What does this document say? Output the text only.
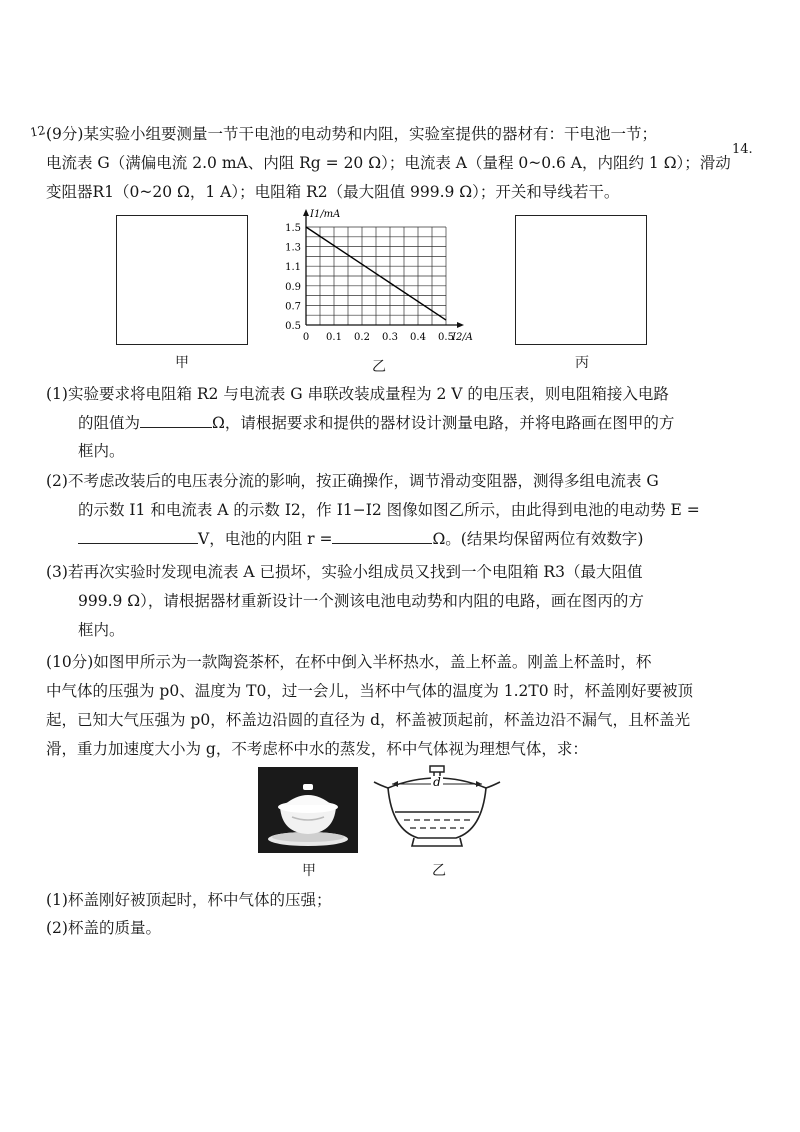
14.
12.
(9分)某实验小组要测量一节干电池的电动势和内阻，实验室提供的器材有：干电池一节；
电流表 G（满偏电流 2.0 mA、内阻 Rg = 20 Ω）；电流表 A（量程 0~0.6 A，内阻约 1 Ω）；滑动
变阻器R1（0~20 Ω，1 A）；电阻箱 R2（最大阻值 999.9 Ω）；开关和导线若干。
甲
0 0.1 0.2 0.3 0.4 0.5
0.5
0.7
0.9
1.1
1.3
1.5
I2/A
I1/mA
乙	丙
(1)实验要求将电阻箱 R2 与电流表 G 串联改装成量程为 2 V 的电压表，则电阻箱接入电路
的阻值为	Ω，请根据要求和提供的器材设计测量电路，并将电路画在图甲的方
框内。
(2)不考虑改装后的电压表分流的影响，按正确操作，调节滑动变阻器，测得多组电流表 G
的示数 I1 和电流表 A 的示数 I2，作 I1−I2 图像如图乙所示，由此得到电池的电动势 E =
V，电池的内阻 r =	Ω。(结果均保留两位有效数字)
(3)若再次实验时发现电流表 A 已损坏，实验小组成员又找到一个电阻箱 R3（最大阻值
999.9 Ω），请根据器材重新设计一个测该电池电动势和内阻的电路，画在图丙的方
框内。
(10分)如图甲所示为一款陶瓷茶杯，在杯中倒入半杯热水，盖上杯盖。刚盖上杯盖时，杯
中气体的压强为 p0、温度为 T0，过一会儿，当杯中气体的温度为 1.2T0 时，杯盖刚好要被顶
起，已知大气压强为 p0，杯盖边沿圆的直径为 d，杯盖被顶起前，杯盖边沿不漏气，且杯盖光
滑，重力加速度大小为 g，不考虑杯中水的蒸发，杯中气体视为理想气体，求：
甲
d
乙
(1)杯盖刚好被顶起时，杯中气体的压强；
(2)杯盖的质量。
